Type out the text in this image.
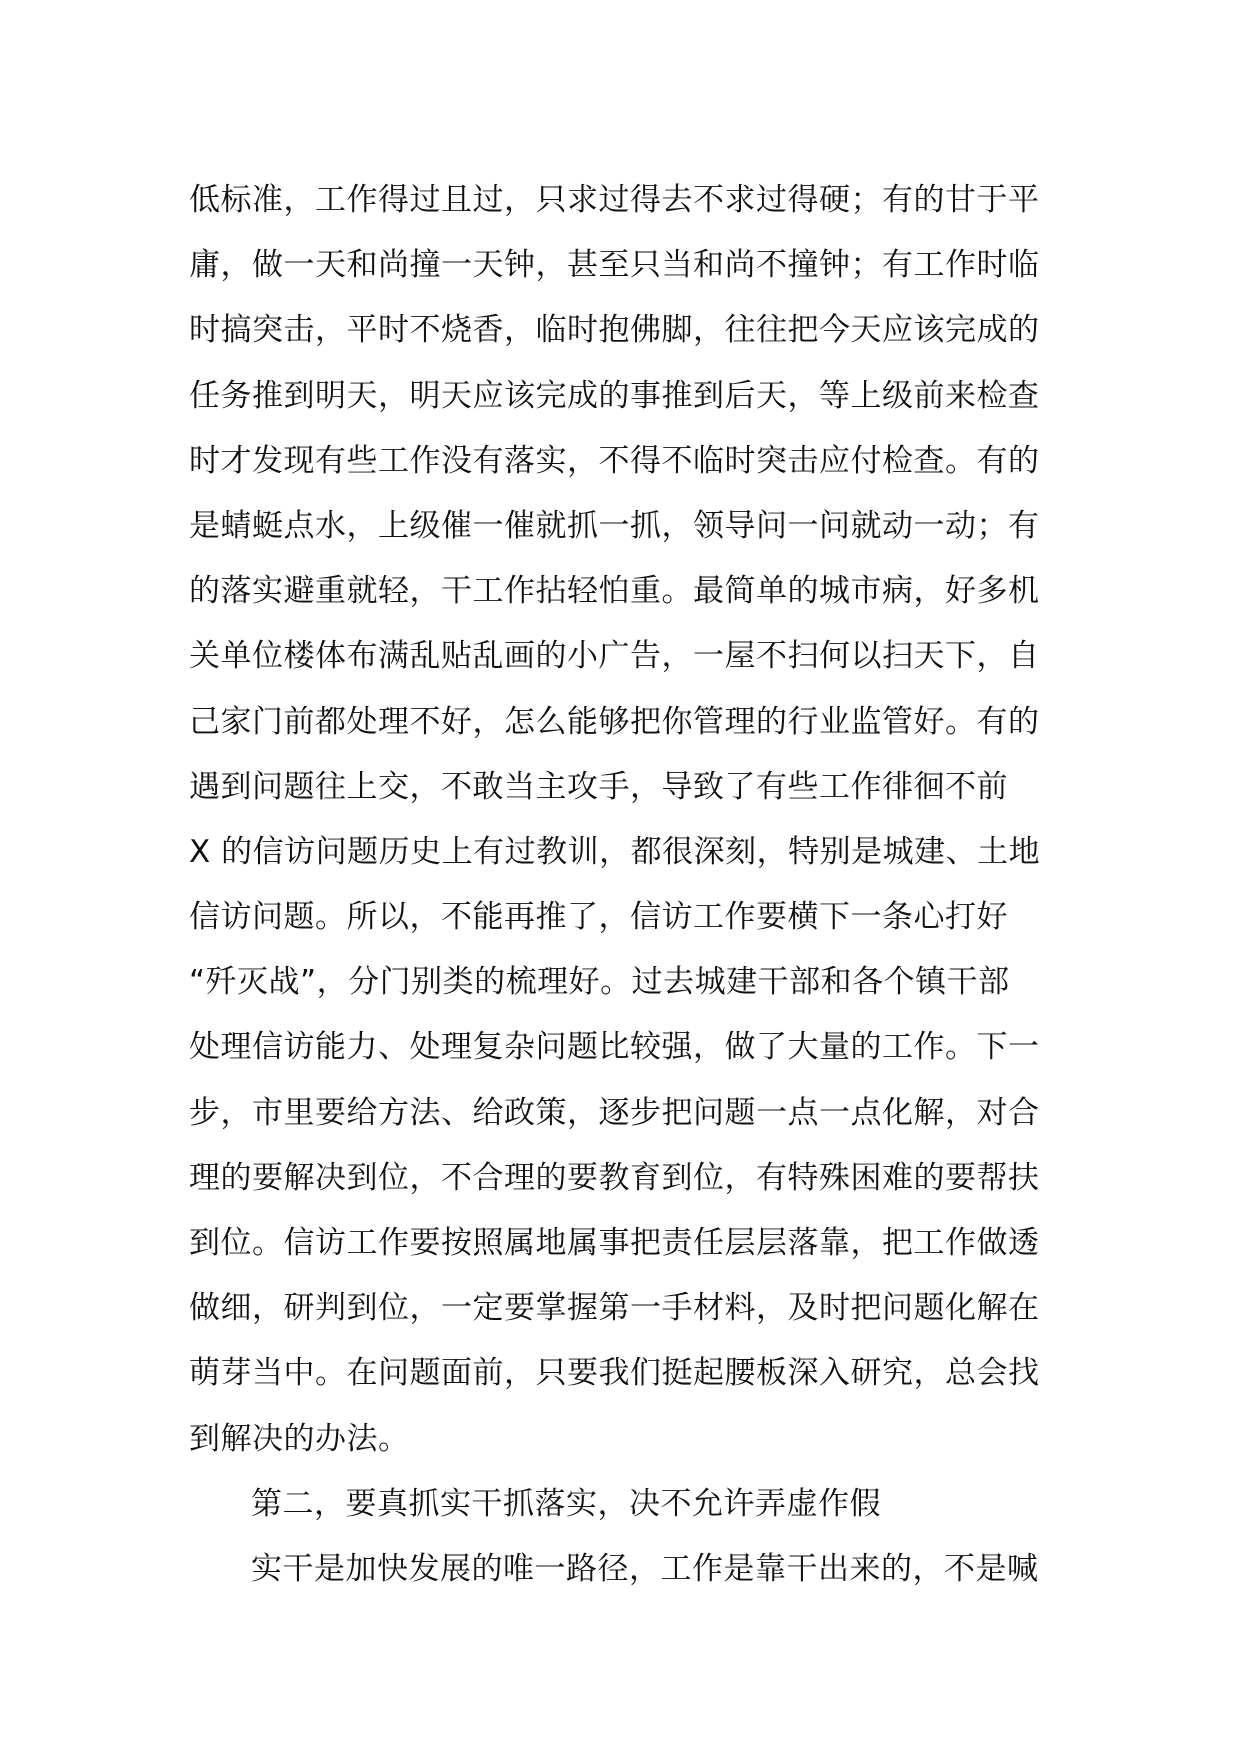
低标准，工作得过且过，只求过得去不求过得硬；有的甘于平
庸，做一天和尚撞一天钟，甚至只当和尚不撞钟；有工作时临
时搞突击，平时不烧香，临时抱佛脚，往往把今天应该完成的
任务推到明天，明天应该完成的事推到后天，等上级前来检查
时才发现有些工作没有落实，不得不临时突击应付检查。有的
是蜻蜓点水，上级催一催就抓一抓，领导问一问就动一动；有
的落实避重就轻，干工作拈轻怕重。最简单的城市病，好多机
关单位楼体布满乱贴乱画的小广告，一屋不扫何以扫天下，自
己家门前都处理不好，怎么能够把你管理的行业监管好。有的
遇到问题往上交，不敢当主攻手，导致了有些工作徘徊不前
X 的信访问题历史上有过教训，都很深刻，特别是城建、土地
信访问题。所以，不能再推了，信访工作要横下一条心打好
“歼灭战”，分门别类的梳理好。过去城建干部和各个镇干部
处理信访能力、处理复杂问题比较强，做了大量的工作。下一
步，市里要给方法、给政策，逐步把问题一点一点化解，对合
理的要解决到位，不合理的要教育到位，有特殊困难的要帮扶
到位。信访工作要按照属地属事把责任层层落靠，把工作做透
做细，研判到位，一定要掌握第一手材料，及时把问题化解在
萌芽当中。在问题面前，只要我们挺起腰板深入研究，总会找
到解决的办法。
第二，要真抓实干抓落实，决不允许弄虚作假
实干是加快发展的唯一路径，工作是靠干出来的，不是喊
